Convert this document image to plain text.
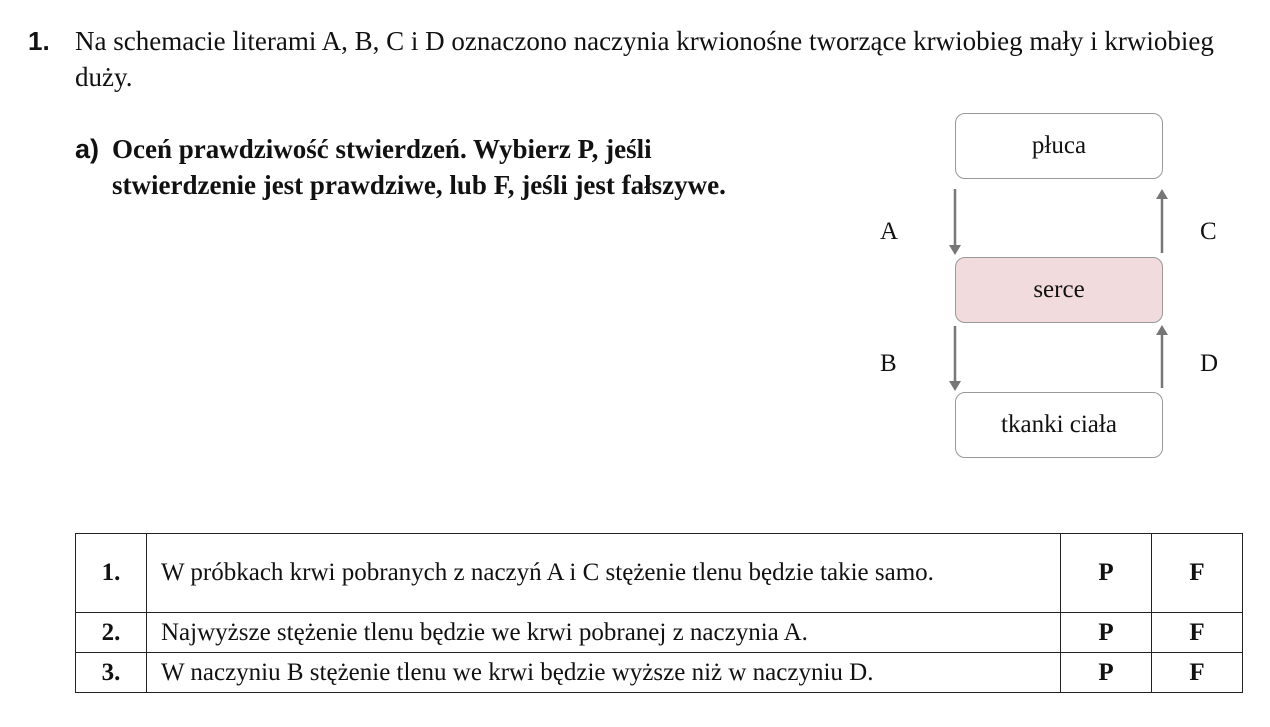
1. Na schemacie literami A, B, C i D oznaczono naczynia krwionośne tworzące krwiobieg mały i krwiobieg duży.
a) Oceń prawdziwość stwierdzeń. Wybierz P, jeśli stwierdzenie jest prawdziwe, lub F, jeśli jest fałszywe.
płuca
serce
tkanki ciała
A
B
C
D
1.	W próbkach krwi pobranych z naczyń A i C stężenie tlenu będzie takie samo.	P	F
2.	Najwyższe stężenie tlenu będzie we krwi pobranej z naczynia A.	P	F
3.	W naczyniu B stężenie tlenu we krwi będzie wyższe niż w naczyniu D.	P	F
